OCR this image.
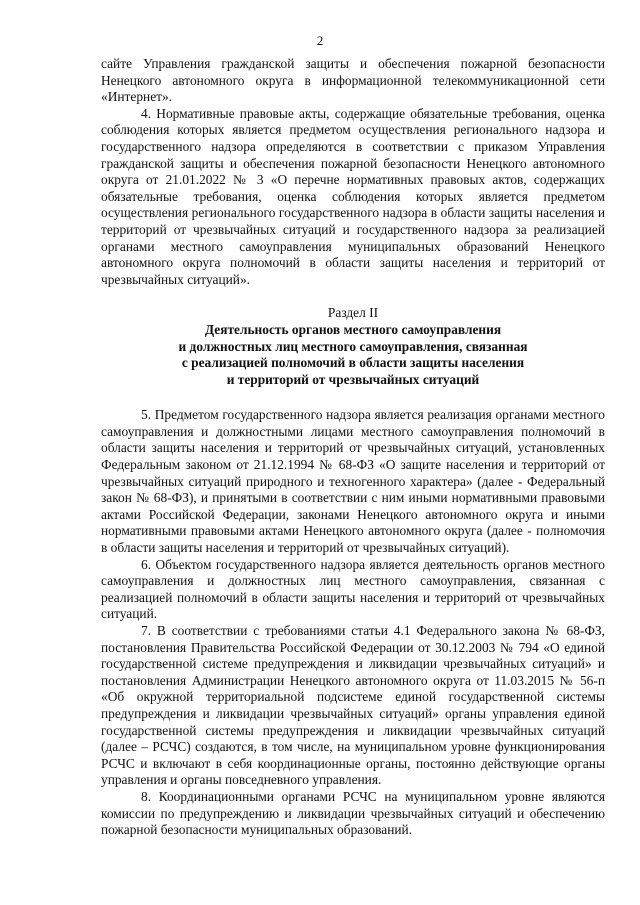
2

сайте Управления гражданской защиты и обеспечения пожарной безопасности Ненецкого автономного округа в информационной телекоммуникационной сети «Интернет».

4. Нормативные правовые акты, содержащие обязательные требования, оценка соблюдения которых является предметом осуществления регионального надзора и государственного надзора определяются в соответствии с приказом Управления гражданской защиты и обеспечения пожарной безопасности Ненецкого автономного округа от 21.01.2022 № 3 «О перечне нормативных правовых актов, содержащих обязательные требования, оценка соблюдения которых является предметом осуществления регионального государственного надзора в области защиты населения и территорий от чрезвычайных ситуаций и государственного надзора за реализацией органами местного самоуправления муниципальных образований Ненецкого автономного округа полномочий в области защиты населения и территорий от чрезвычайных ситуаций».

Раздел II

Деятельность органов местного самоуправления
и должностных лиц местного самоуправления, связанная
с реализацией полномочий в области защиты населения
и территорий от чрезвычайных ситуаций

5. Предметом государственного надзора является реализация органами местного самоуправления и должностными лицами местного самоуправления полномочий в области защиты населения и территорий от чрезвычайных ситуаций, установленных Федеральным законом от 21.12.1994 № 68-ФЗ «О защите населения и территорий от чрезвычайных ситуаций природного и техногенного характера» (далее - Федеральный закон № 68-ФЗ), и принятыми в соответствии с ним иными нормативными правовыми актами Российской Федерации, законами Ненецкого автономного округа и иными нормативными правовыми актами Ненецкого автономного округа (далее - полномочия в области защиты населения и территорий от чрезвычайных ситуаций).

6. Объектом государственного надзора является деятельность органов местного самоуправления и должностных лиц местного самоуправления, связанная с реализацией полномочий в области защиты населения и территорий от чрезвычайных ситуаций.

7. В соответствии с требованиями статьи 4.1 Федерального закона № 68-ФЗ, постановления Правительства Российской Федерации от 30.12.2003 № 794 «О единой государственной системе предупреждения и ликвидации чрезвычайных ситуаций» и постановления Администрации Ненецкого автономного округа от 11.03.2015 № 56-п «Об окружной территориальной подсистеме единой государственной системы предупреждения и ликвидации чрезвычайных ситуаций» органы управления единой государственной системы предупреждения и ликвидации чрезвычайных ситуаций (далее – РСЧС) создаются, в том числе, на муниципальном уровне функционирования РСЧС и включают в себя координационные органы, постоянно действующие органы управления и органы повседневного управления.

8. Координационными органами РСЧС на муниципальном уровне являются комиссии по предупреждению и ликвидации чрезвычайных ситуаций и обеспечению пожарной безопасности муниципальных образований.
